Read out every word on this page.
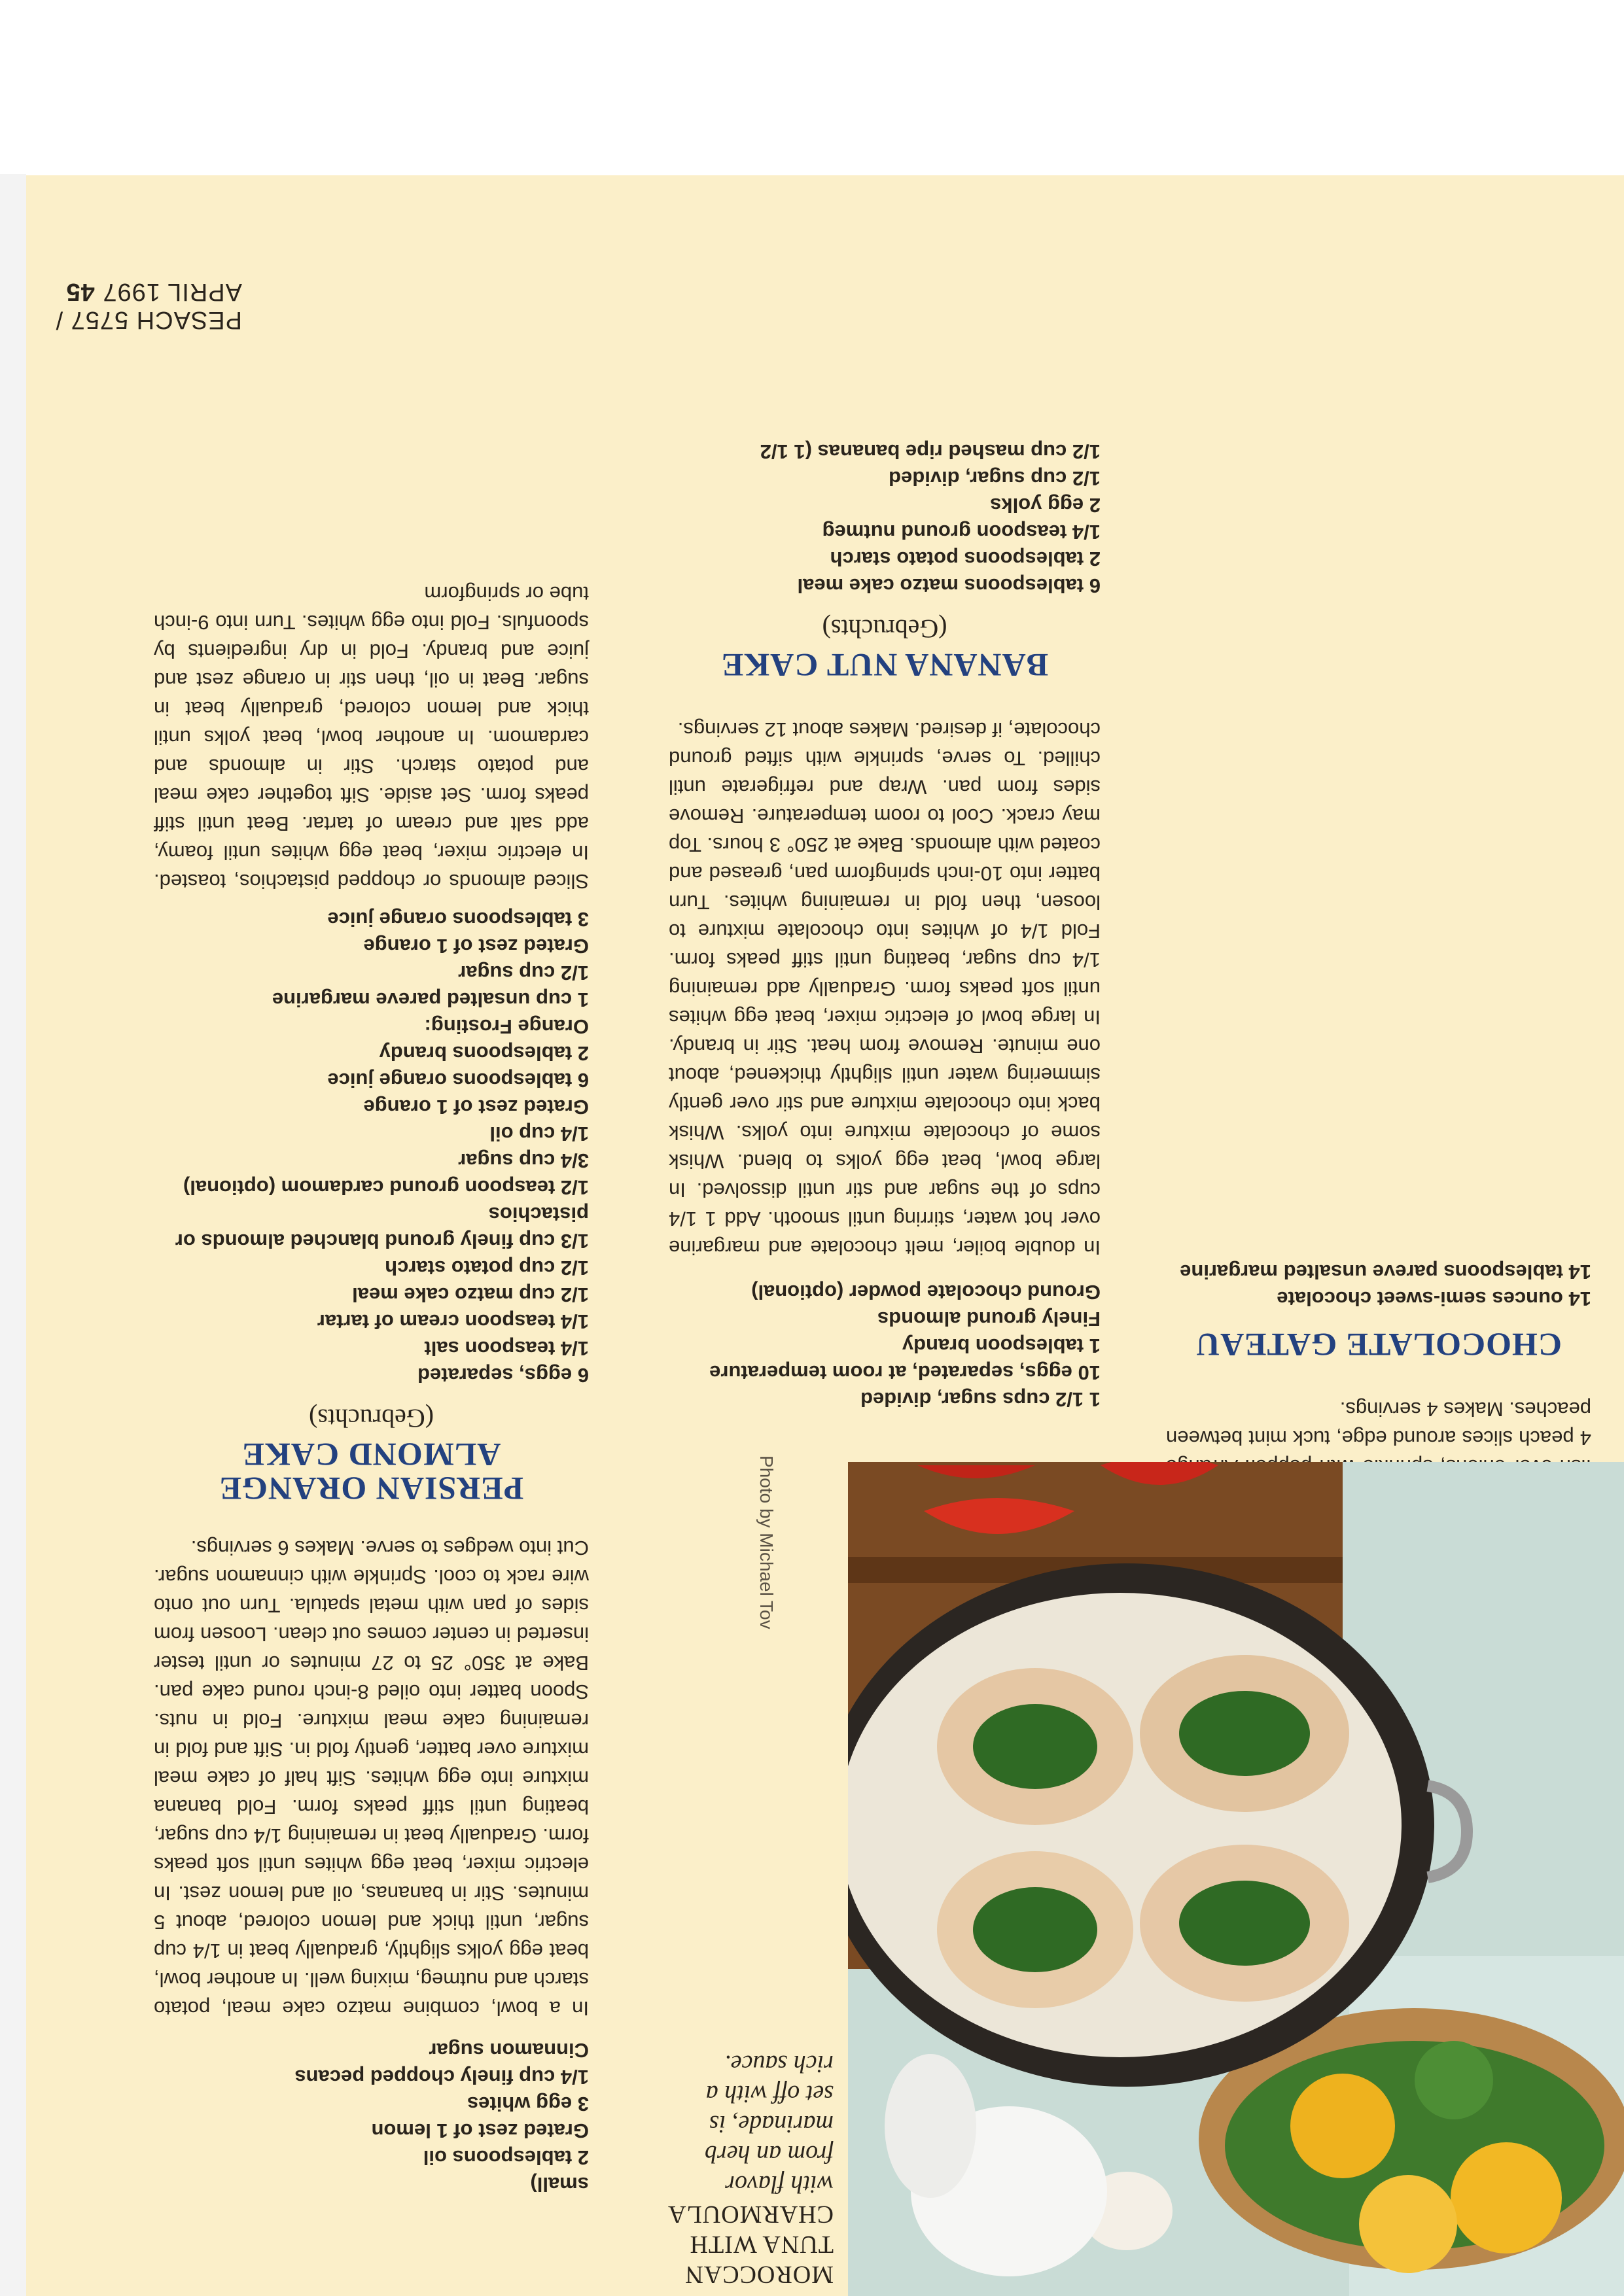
PESACH 5757 / APRIL 1997 45

4 peach slices around edge, tuck mint between peaches. Makes 4 servings.

CHOCOLATE GATEAU
14 ounces semi-sweet chocolate
14 tablespoons pareve unsalted margarine
1 1/2 cups sugar, divided
10 eggs, separated, at room temperature
1 tablespoon brandy
Finely ground almonds
Ground chocolate powder (optional)

In double boiler, melt chocolate and margarine over hot water, stirring until smooth. Add 1 1/4 cups of the sugar and stir until dissolved. In large bowl, beat egg yolks to blend. Whisk some of chocolate mixture into yolks. Whisk back into chocolate mixture and stir over gently simmering water until slightly thickened, about one minute. Remove from heat. Stir in brandy. In large bowl of electric mixer, beat egg whites until soft peaks form. Gradually add remaining 1/4 cup sugar, beating until stiff peaks form. Fold 1/4 of whites into chocolate mixture to loosen, then fold in remaining whites. Turn batter into 10-inch springform pan, greased and coated with almonds. Bake at 250° 3 hours. Top may crack. Cool to room temperature. Remove sides from pan. Wrap and refrigerate until chilled. To serve, sprinkle with sifted ground chocolate, if desired. Makes about 12 servings.

BANANA NUT CAKE

(Gebruchts)

6 tablespoons matzo cake meal
2 tablespoons potato starch
1/4 teaspoon ground nutmeg
2 egg yolks
1/2 cup sugar, divided
1/2 cup mashed ripe bananas (1 1/2
small)
2 tablespoons oil
Grated zest of 1 lemon
3 egg whites
1/4 cup finely chopped pecans
Cinnamon sugar

In a bowl, combine matzo cake meal, potato starch and nutmeg, mixing well. In another bowl, beat egg yolks slightly, gradually beat in 1/4 cup sugar, until thick and lemon colored, about 5 minutes. Stir in bananas, oil and lemon zest. In electric mixer, beat egg whites until soft peaks form. Gradually beat in remaining 1/4 cup sugar, beating until stiff peaks form. Fold banana mixture into egg whites. Sift half of cake meal mixture over batter, gently fold in. Sift and fold in remaining cake meal mixture. Fold in nuts. Spoon batter into oiled 8-inch round cake pan. Bake at 350° 25 to 27 minutes or until tester inserted in center comes out clean. Loosen from sides of pan with metal spatula. Turn out onto wire rack to cool. Sprinkle with cinnamon sugar. Cut into wedges to serve. Makes 6 servings.

PERSIAN ORANGE ALMOND CAKE

(Gebruchts)

6 eggs, separated
1/4 teaspoon salt
1/4 teaspoon cream of tartar
1/2 cup matzo cake meal
1/2 cup potato starch
1/3 cup finely ground blanched almonds or pistachios
1/2 teaspoon ground cardamom (optional)
3/4 cup sugar
1/4 cup oil
Grated zest of 1 orange
6 tablespoons orange juice
2 tablespoons brandy
Orange Frosting:
1 cup unsalted pareve margarine
1/2 cup sugar
Grated zest of 1 orange
3 tablespoons orange juice

Sliced almonds or chopped pistachios, toasted. In electric mixer, beat egg whites until foamy, add salt and cream of tartar. Beat until stiff peaks form. Set aside. Sift together cake meal and potato starch. Stir in almonds and cardamom. In another bowl, beat yolks until thick and lemon colored, gradually beat in sugar. Beat in oil, then stir in orange zest and juice and brandy. Fold in dry ingredients by spoonfuls. Fold into egg whites. Turn into 9-inch tube or springform

MOROCCAN
TUNA WITH
CHARMOULA
with flavor
from an herb
marinade, is
set off with a
rich sauce.
Photo by Michael Tov
